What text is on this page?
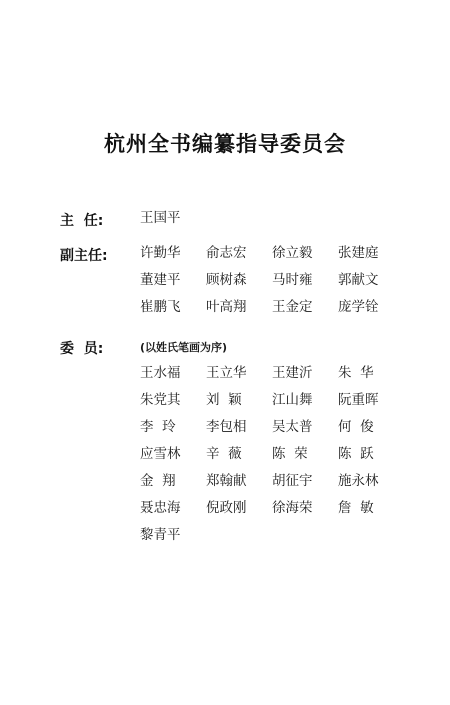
杭州全书编纂指导委员会
主  任:	王国平
副主任: 许勤华	俞志宏	徐立毅	张建庭
董建平	顾树森	马时雍	郭献文
崔鹏飞	叶高翔	王金定	庞学铨
委  员:	(以姓氏笔画为序)
王水福	王立华	王建沂	朱  华
朱党其	刘  颖	江山舞	阮重晖
李  玲	李包相	吴太普	何  俊
应雪林	辛  薇	陈  荣	陈  跃
金  翔	郑翰献	胡征宇	施永林
聂忠海	倪政刚	徐海荣	詹  敏
黎青平
